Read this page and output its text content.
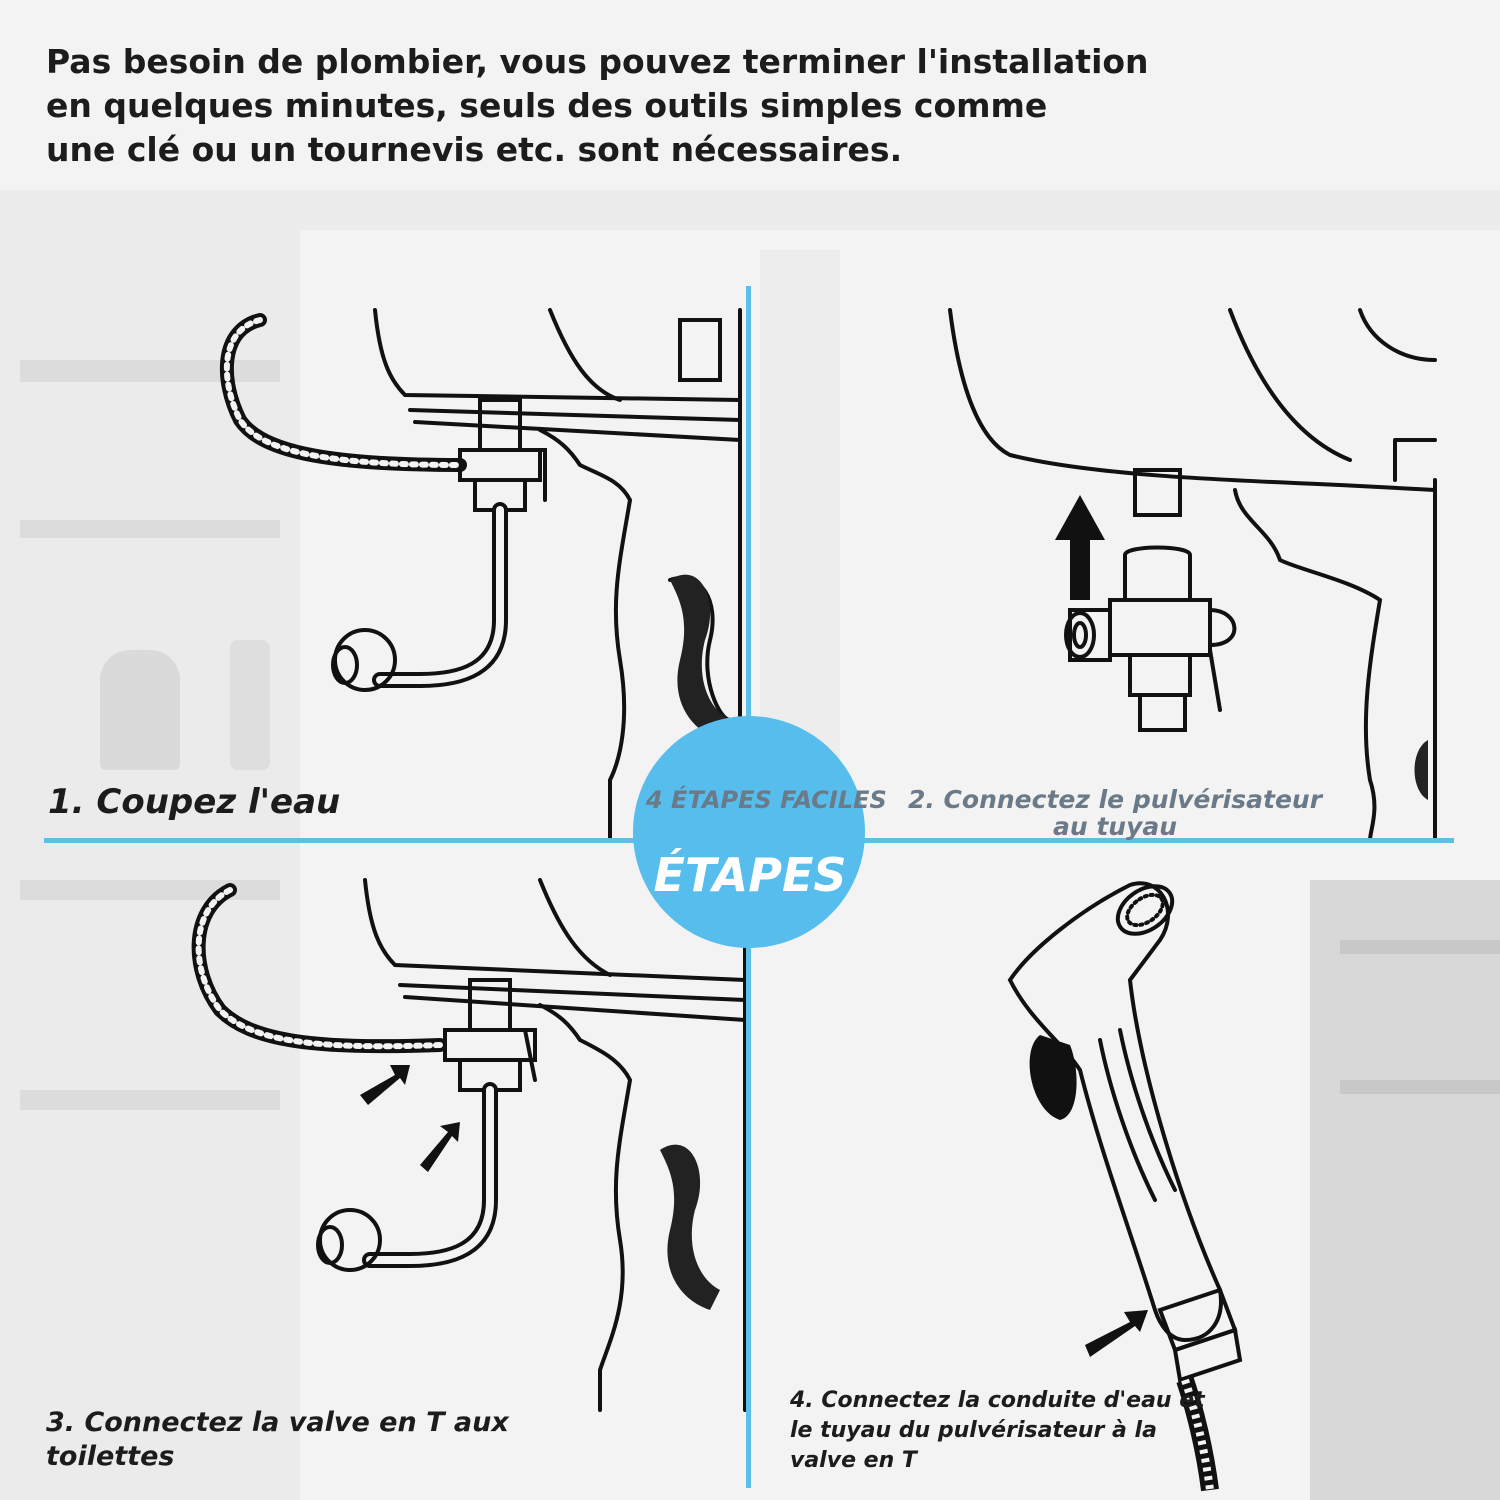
Pas besoin de plombier, vous pouvez terminer l'installation
en quelques minutes, seuls des outils simples comme
une clé ou un tournevis etc. sont nécessaires.

4 ÉTAPES FACILES
ÉTAPES

1. Coupez l'eau	2. Connectez le pulvérisateur au tuyau

3. Connectez la valve en T aux toilettes

4. Connectez la conduite d'eau et le tuyau du pulvérisateur à la valve en T
